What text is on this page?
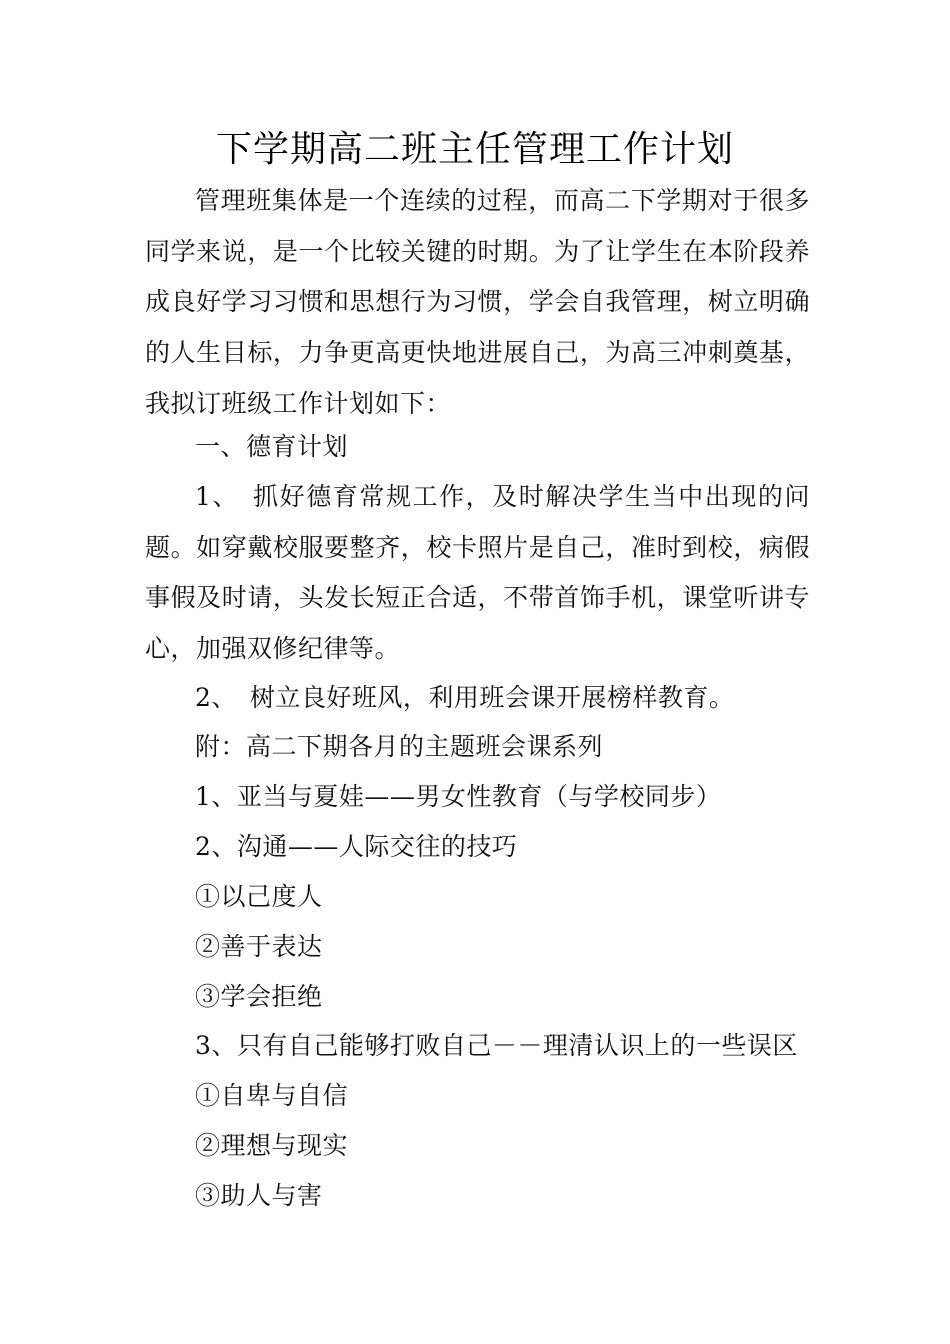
下学期高二班主任管理工作计划
管理班集体是一个连续的过程，而高二下学期对于很多同学来说，是一个比较关键的时期。为了让学生在本阶段养成良好学习习惯和思想行为习惯，学会自我管理，树立明确的人生目标，力争更高更快地进展自己，为高三冲刺奠基，我拟订班级工作计划如下：
一、德育计划
1、　抓好德育常规工作，及时解决学生当中出现的问题。如穿戴校服要整齐，校卡照片是自己，准时到校，病假事假及时请，头发长短正合适，不带首饰手机，课堂听讲专心，加强双修纪律等。
2、　树立良好班风，利用班会课开展榜样教育。
附：高二下期各月的主题班会课系列
1、亚当与夏娃——男女性教育（与学校同步）
2、沟通——人际交往的技巧
①以己度人
②善于表达
③学会拒绝
3、只有自己能够打败自己－－理清认识上的一些误区
①自卑与自信
②理想与现实
③助人与害
